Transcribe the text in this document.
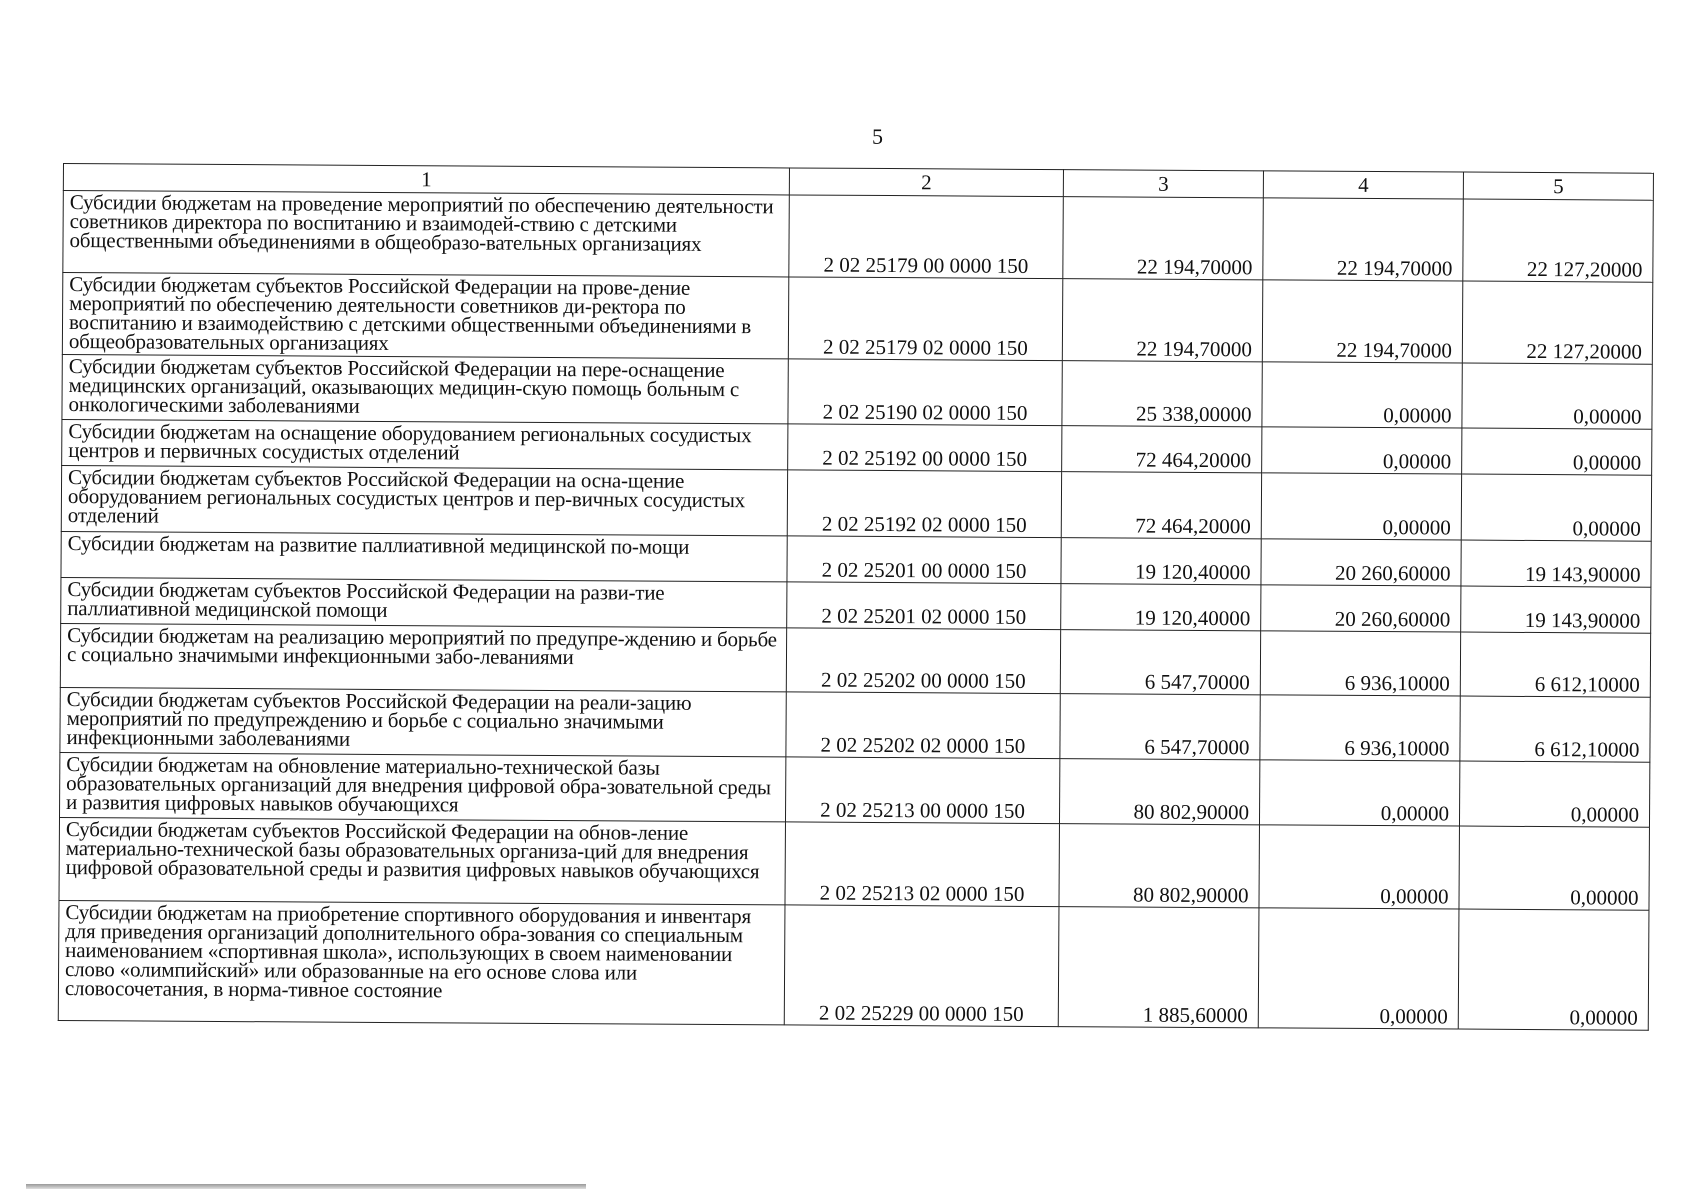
5
1	2	3	4	5
Субсидии бюджетам на проведение мероприятий по обеспечению деятельности советников директора по воспитанию и взаимодей-ствию с детскими общественными объединениями в общеобразо-вательных организациях	2 02 25179 00 0000 150	22 194,70000	22 194,70000	22 127,20000
Субсидии бюджетам субъектов Российской Федерации на прове-дение мероприятий по обеспечению деятельности советников ди-ректора по воспитанию и взаимодействию с детскими общественными объединениями в общеобразовательных организациях	2 02 25179 02 0000 150	22 194,70000	22 194,70000	22 127,20000
Субсидии бюджетам субъектов Российской Федерации на пере-оснащение медицинских организаций, оказывающих медицин-скую помощь больным с онкологическими заболеваниями	2 02 25190 02 0000 150	25 338,00000	0,00000	0,00000
Субсидии бюджетам на оснащение оборудованием региональных сосудистых центров и первичных сосудистых отделений	2 02 25192 00 0000 150	72 464,20000	0,00000	0,00000
Субсидии бюджетам субъектов Российской Федерации на осна-щение оборудованием региональных сосудистых центров и пер-вичных сосудистых отделений	2 02 25192 02 0000 150	72 464,20000	0,00000	0,00000
Субсидии бюджетам на развитие паллиативной медицинской по-мощи	2 02 25201 00 0000 150	19 120,40000	20 260,60000	19 143,90000
Субсидии бюджетам субъектов Российской Федерации на разви-тие паллиативной медицинской помощи	2 02 25201 02 0000 150	19 120,40000	20 260,60000	19 143,90000
Субсидии бюджетам на реализацию мероприятий по предупре-ждению и борьбе с социально значимыми инфекционными забо-леваниями	2 02 25202 00 0000 150	6 547,70000	6 936,10000	6 612,10000
Субсидии бюджетам субъектов Российской Федерации на реали-зацию мероприятий по предупреждению и борьбе с социально значимыми инфекционными заболеваниями	2 02 25202 02 0000 150	6 547,70000	6 936,10000	6 612,10000
Субсидии бюджетам на обновление материально-технической базы образовательных организаций для внедрения цифровой обра-зовательной среды и развития цифровых навыков обучающихся	2 02 25213 00 0000 150	80 802,90000	0,00000	0,00000
Субсидии бюджетам субъектов Российской Федерации на обнов-ление материально-технической базы образовательных организа-ций для внедрения цифровой образовательной среды и развития цифровых навыков обучающихся	2 02 25213 02 0000 150	80 802,90000	0,00000	0,00000
Субсидии бюджетам на приобретение спортивного оборудования и инвентаря для приведения организаций дополнительного обра-зования со специальным наименованием «спортивная школа», использующих в своем наименовании слово «олимпийский» или образованные на его основе слова или словосочетания, в норма-тивное состояние	2 02 25229 00 0000 150	1 885,60000	0,00000	0,00000
